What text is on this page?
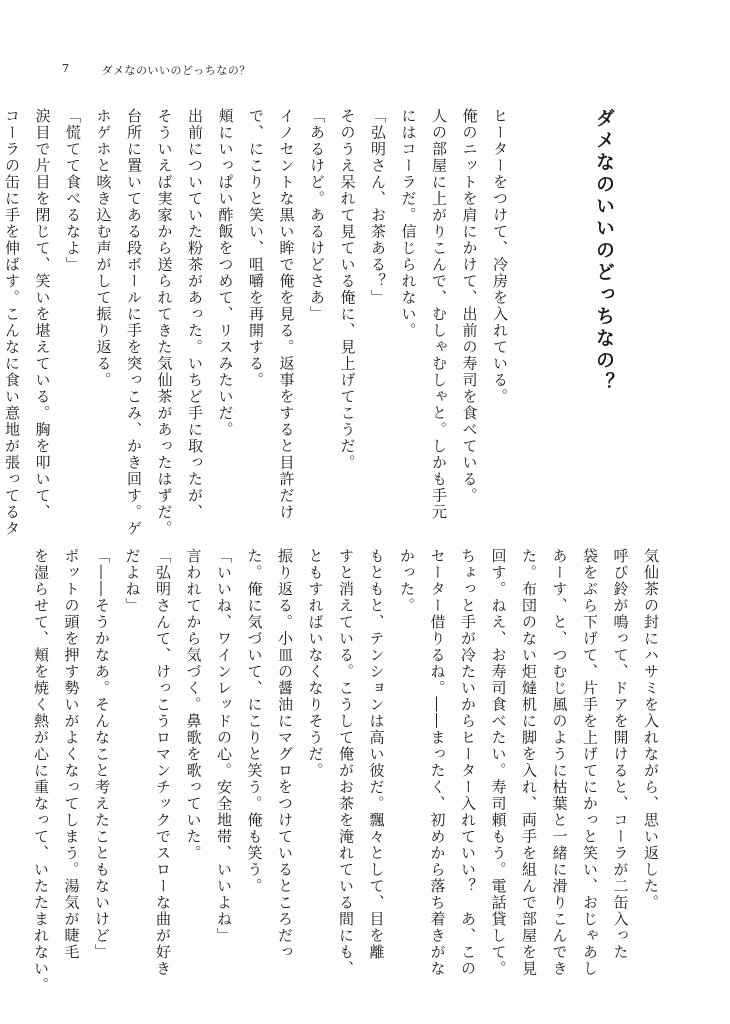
7	ダメなのいいのどっちなの？
ダメなのいいのどっちなの？
ヒーターをつけて、冷房を入れている。
俺のニットを肩にかけて、出前の寿司を食べている。
人の部屋に上がりこんで、むしゃむしゃと。しかも手元
にはコーラだ。信じられない。
「弘明さん、お茶ある？」
そのうえ呆れて見ている俺に、見上げてこうだ。
「あるけど。あるけどさあ」
イノセントな黒い眸で俺を見る。返事をすると目許だけ
で、にこりと笑い、咀嚼を再開する。
頬にいっぱい酢飯をつめて、リスみたいだ。
出前についていた粉茶があった。いちど手に取ったが、
そういえば実家から送られてきた気仙茶があったはずだ。
台所に置いてある段ボールに手を突っこみ、かき回す。ゲ
ホゲホと咳き込む声がして振り返る。
「慌てて食べるなよ」
涙目で片目を閉じて、笑いを堪えている。胸を叩いて、
コーラの缶に手を伸ばす。こんなに食い意地が張ってるタ
気仙茶の封にハサミを入れながら、思い返した。
呼び鈴が鳴って、ドアを開けると、コーラが二缶入った
袋をぶら下げて、片手を上げてにかっと笑い、おじゃあし
あーす、と、つむじ風のように枯葉と一緒に滑りこんでき
た。布団のない炬燵机に脚を入れ、両手を組んで部屋を見
回す。ねえ、お寿司食べたい。寿司頼もう。電話貸して。
ちょっと手が冷たいからヒーター入れていい？　あ、この
セーター借りるね。――まったく、初めから落ち着きがな
かった。
もともと、テンションは高い彼だ。飄々として、目を離
すと消えている。こうして俺がお茶を淹れている間にも、
ともすればいなくなりそうだ。
振り返る。小皿の醤油にマグロをつけているところだっ
た。俺に気づいて、にこりと笑う。俺も笑う。
「いいね、ワインレッドの心。安全地帯、いいよね」
言われてから気づく。鼻歌を歌っていた。
「弘明さんて、けっこうロマンチックでスローな曲が好き
だよね」
「――そうかなあ。そんなこと考えたこともないけど」
ポットの頭を押す勢いがよくなってしまう。湯気が睫毛
を湿らせて、頬を焼く熱が心に重なって、いたたまれない。
